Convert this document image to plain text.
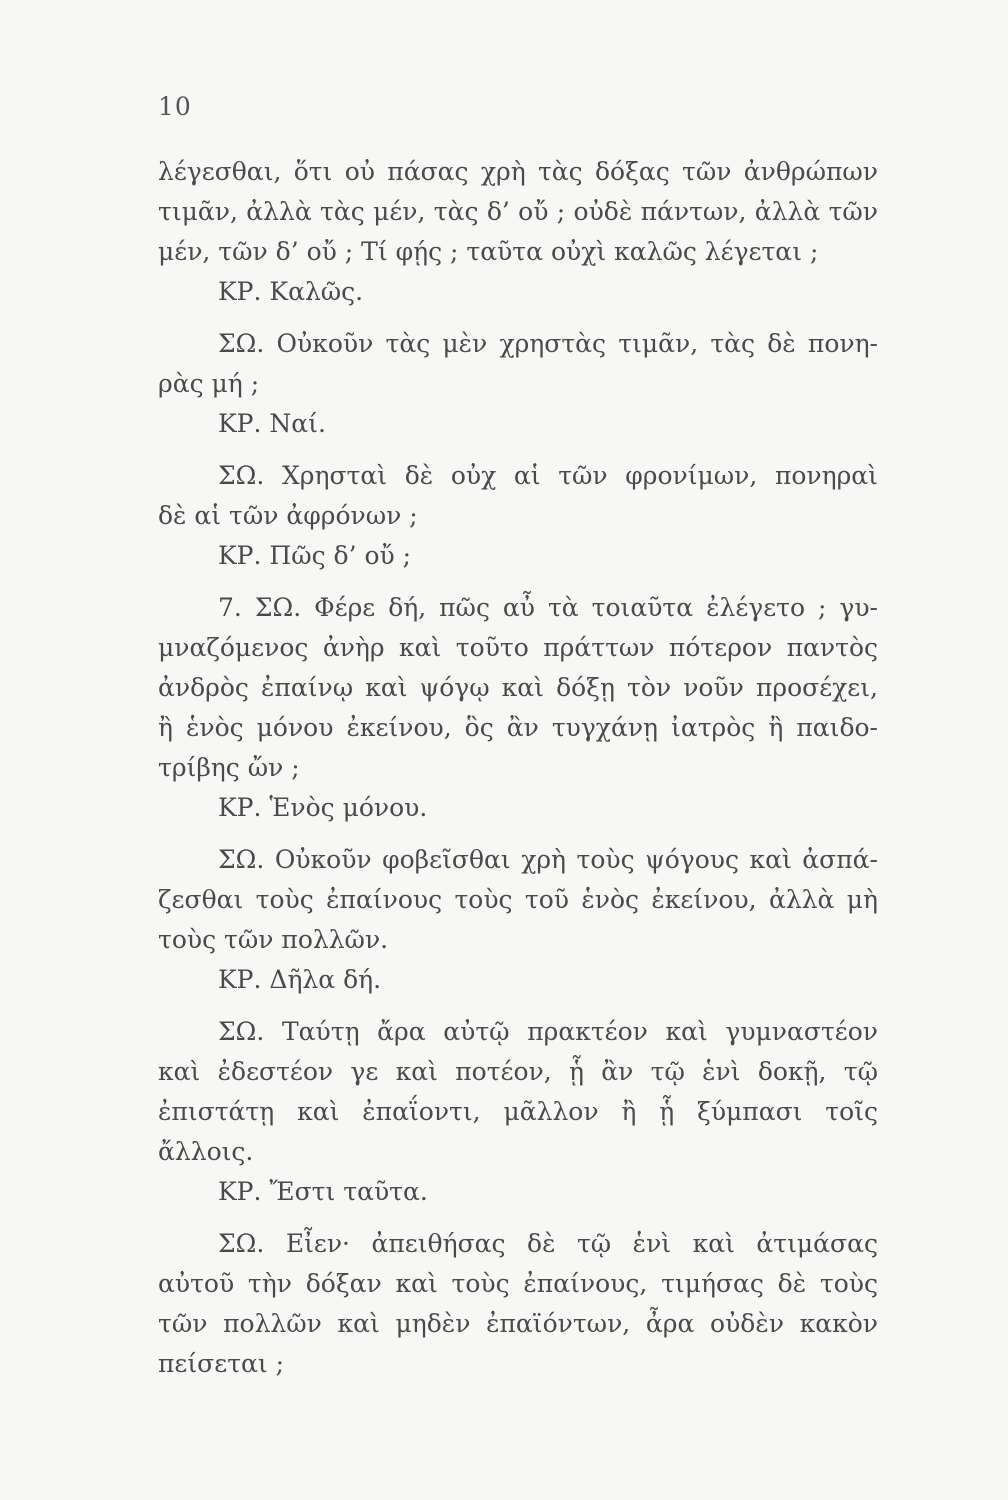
10
λέγεσθαι, ὅτι οὐ πάσας χρὴ τὰς δόξας τῶν ἀνθρώπων
τιμᾶν, ἀλλὰ τὰς μέν, τὰς δ’ οὔ ; οὐδὲ πάντων, ἀλλὰ τῶν
μέν, τῶν δ’ οὔ ; Τί φῄς ; ταῦτα οὐχὶ καλῶς λέγεται ;
ΚΡ. Καλῶς.
ΣΩ. Οὐκοῦν τὰς μὲν χρηστὰς τιμᾶν, τὰς δὲ πονη-
ρὰς μή ;
ΚΡ. Ναί.
ΣΩ. Χρησταὶ δὲ οὐχ αἱ τῶν φρονίμων, πονηραὶ
δὲ αἱ τῶν ἀφρόνων ;
ΚΡ. Πῶς δ’ οὔ ;
7. ΣΩ. Φέρε δή, πῶς αὖ τὰ τοιαῦτα ἐλέγετο ; γυ-
μναζόμενος ἀνὴρ καὶ τοῦτο πράττων πότερον παντὸς
ἀνδρὸς ἐπαίνῳ καὶ ψόγῳ καὶ δόξῃ τὸν νοῦν προσέχει,
ἢ ἑνὸς μόνου ἐκείνου, ὃς ἂν τυγχάνῃ ἰατρὸς ἢ παιδο-
τρίβης ὤν ;
ΚΡ. Ἑνὸς μόνου.
ΣΩ. Οὐκοῦν φοβεῖσθαι χρὴ τοὺς ψόγους καὶ ἀσπά-
ζεσθαι τοὺς ἐπαίνους τοὺς τοῦ ἑνὸς ἐκείνου, ἀλλὰ μὴ
τοὺς τῶν πολλῶν.
ΚΡ. Δῆλα δή.
ΣΩ. Ταύτῃ ἄρα αὐτῷ πρακτέον καὶ γυμναστέον
καὶ ἐδεστέον γε καὶ ποτέον, ᾗ ἂν τῷ ἑνὶ δοκῇ, τῷ
ἐπιστάτῃ καὶ ἐπαΐοντι, μᾶλλον ἢ ᾗ ξύμπασι τοῖς
ἄλλοις.
ΚΡ. Ἔστι ταῦτα.
ΣΩ. Εἶεν· ἀπειθήσας δὲ τῷ ἑνὶ καὶ ἀτιμάσας
αὐτοῦ τὴν δόξαν καὶ τοὺς ἐπαίνους, τιμήσας δὲ τοὺς
τῶν πολλῶν καὶ μηδὲν ἐπαϊόντων, ἆρα οὐδὲν κακὸν
πείσεται ;
